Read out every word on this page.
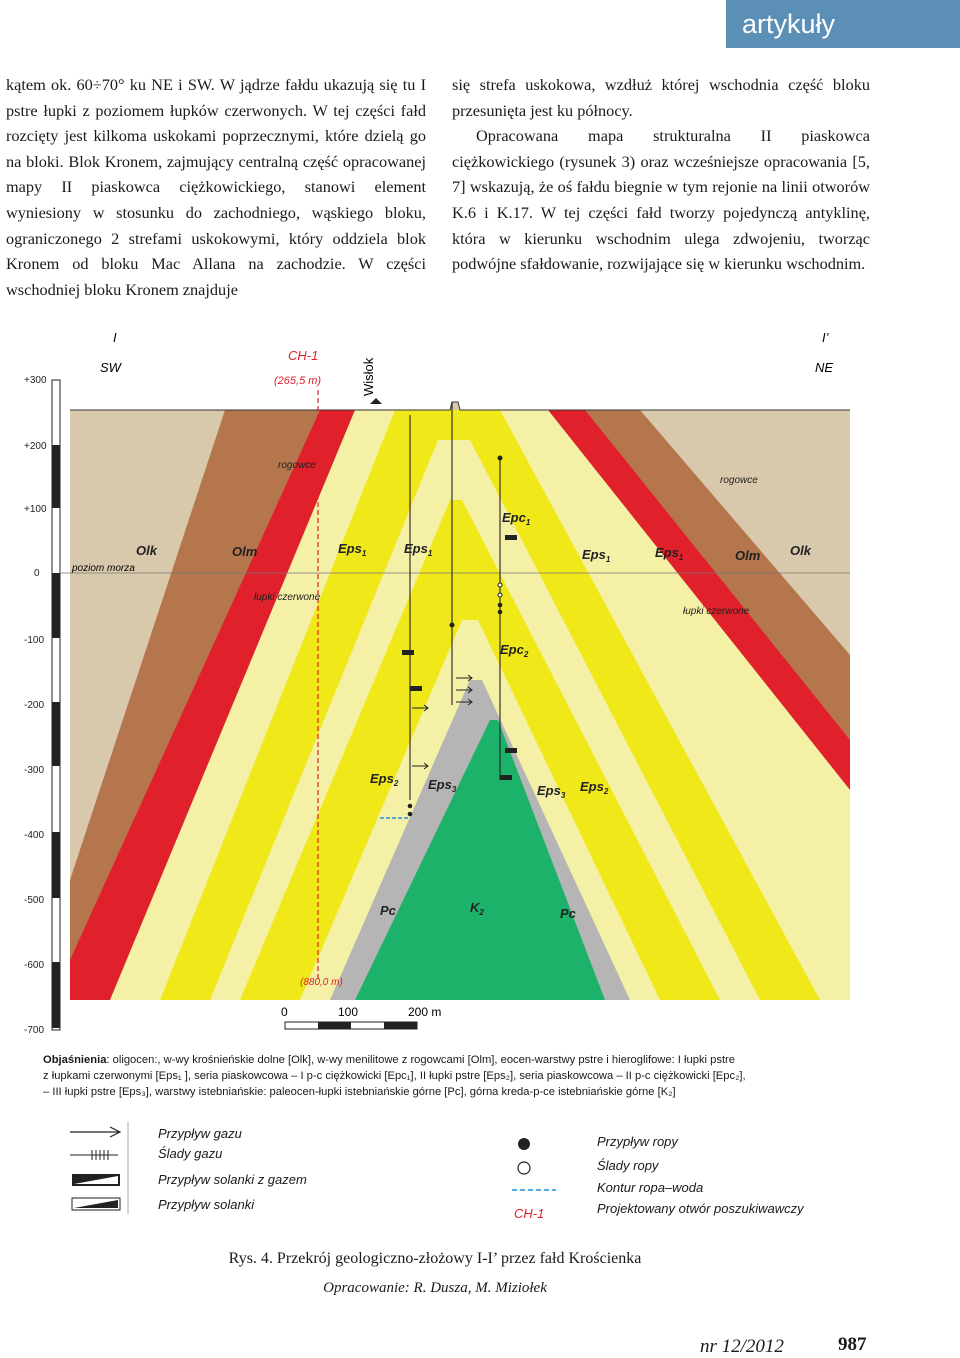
artykuły

kątem ok. 60÷70° ku NE i SW. W jądrze fałdu ukazują się tu I pstre łupki z poziomem łupków czerwonych. W tej części fałd rozcięty jest kilkoma uskokami poprzecznymi, które dzielą go na bloki. Blok Kronem, zajmujący centralną część opracowanej mapy II piaskowca ciężkowickiego, stanowi element wyniesiony w stosunku do zachodniego, wąskiego bloku, ograniczonego 2 strefami uskokowymi, który oddziela blok Kronem od bloku Mac Allana na zachodzie. W części wschodniej bloku Kronem znajduje

się strefa uskokowa, wzdłuż której wschodnia część bloku przesunięta jest ku północy.

Opracowana mapa strukturalna II piaskowca ciężkowickiego (rysunek 3) oraz wcześniejsze opracowania [5, 7] wskazują, że oś fałdu biegnie w tym rejonie na linii otworów K.6 i K.17. W tej części fałd tworzy pojedynczą antyklinę, która w kierunku wschodnim ulega zdwojeniu, tworząc podwójne sfałdowanie, rozwijające się w kierunku wschodnim.

+300
+200
+100
0
-100
-200
-300
-400
-500
-600
-700
poziom morza
CH-1
(265,5 m)
(880,0 m)
Wisłok
I	I’
SW	NE
rogowce
rogowce
łupki czerwone
łupki czerwone
Olk	Olm	Eps$_1$	Eps$_1$	Eps$_1$	Eps$_1$	Olm Olk
Epc$_1$
Epc$_2$
Eps$_2$ Eps$_3$	Eps$_3$
Eps$_2$
Pc	$K_2$	Pc
0	100	200 m
Objaśnienia: oligocen:, w-wy krośnieńskie dolne [Olk], w-wy menilitowe z rogowcami [Olm], eocen-warstwy pstre i hieroglifowe: I łupki pstre
z łupkami czerwonymi [Eps₁ ], seria piaskowcowa – I p-c ciężkowicki [Epc₁], II łupki pstre [Eps₂], seria piaskowcowa – II p-c ciężkowicki [Epc₂],
– III łupki pstre [Eps₃], warstwy istebniańskie: paleocen-łupki istebniańskie górne [Pc], górna kreda-p-ce istebniańskie górne [K₂]
CH-1
Przypływ gazu
Ślady gazu
Przypływ solanki z gazem
Przypływ solanki
Przypływ ropy
Ślady ropy
Kontur ropa–woda
Projektowany otwór poszukiwawczy
Rys. 4. Przekrój geologiczno-złożowy I-I’ przez fałd Krościenka
Opracowanie: R. Dusza, M. Miziołek
nr 12/2012	987
